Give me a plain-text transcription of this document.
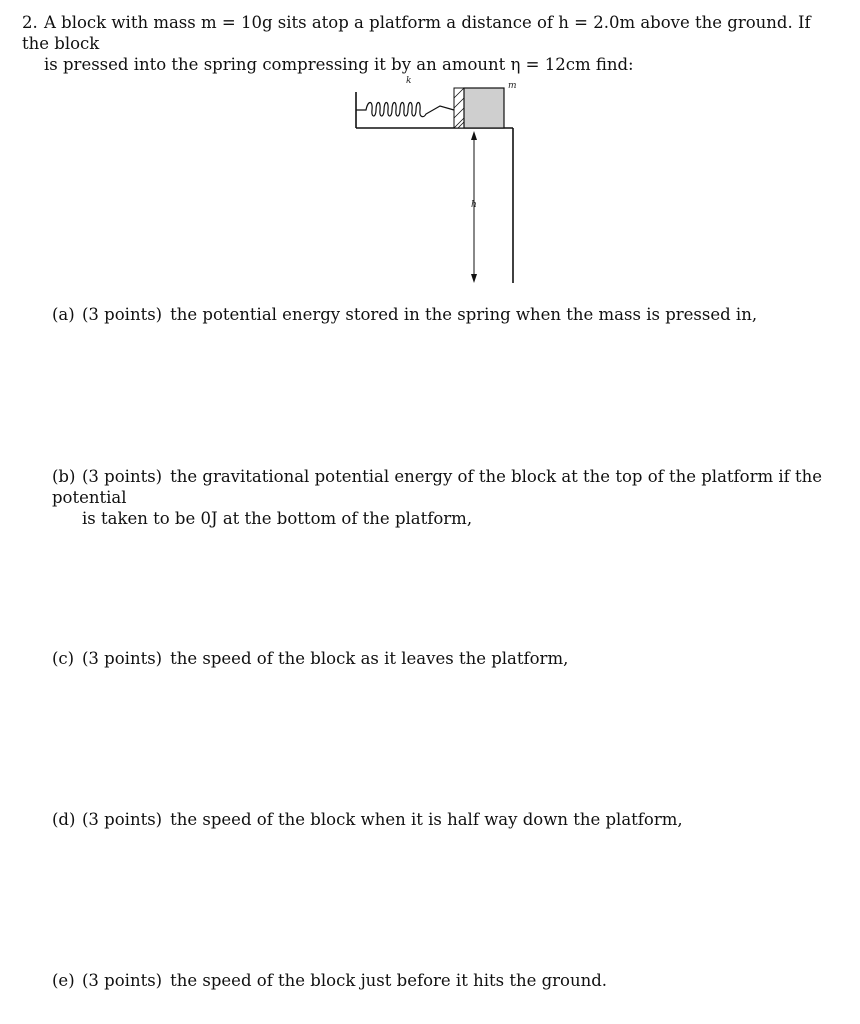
2. A block with mass m = 10g sits atop a platform a distance of h = 2.0m above the ground. If the block
is pressed into the spring compressing it by an amount η = 12cm find:
k	m
h
(a) (3 points) the potential energy stored in the spring when the mass is pressed in,
(b) (3 points) the gravitational potential energy of the block at the top of the platform if the potential
is taken to be 0J at the bottom of the platform,
(c) (3 points) the speed of the block as it leaves the platform,
(d) (3 points) the speed of the block when it is half way down the platform,
(e) (3 points) the speed of the block just before it hits the ground.
